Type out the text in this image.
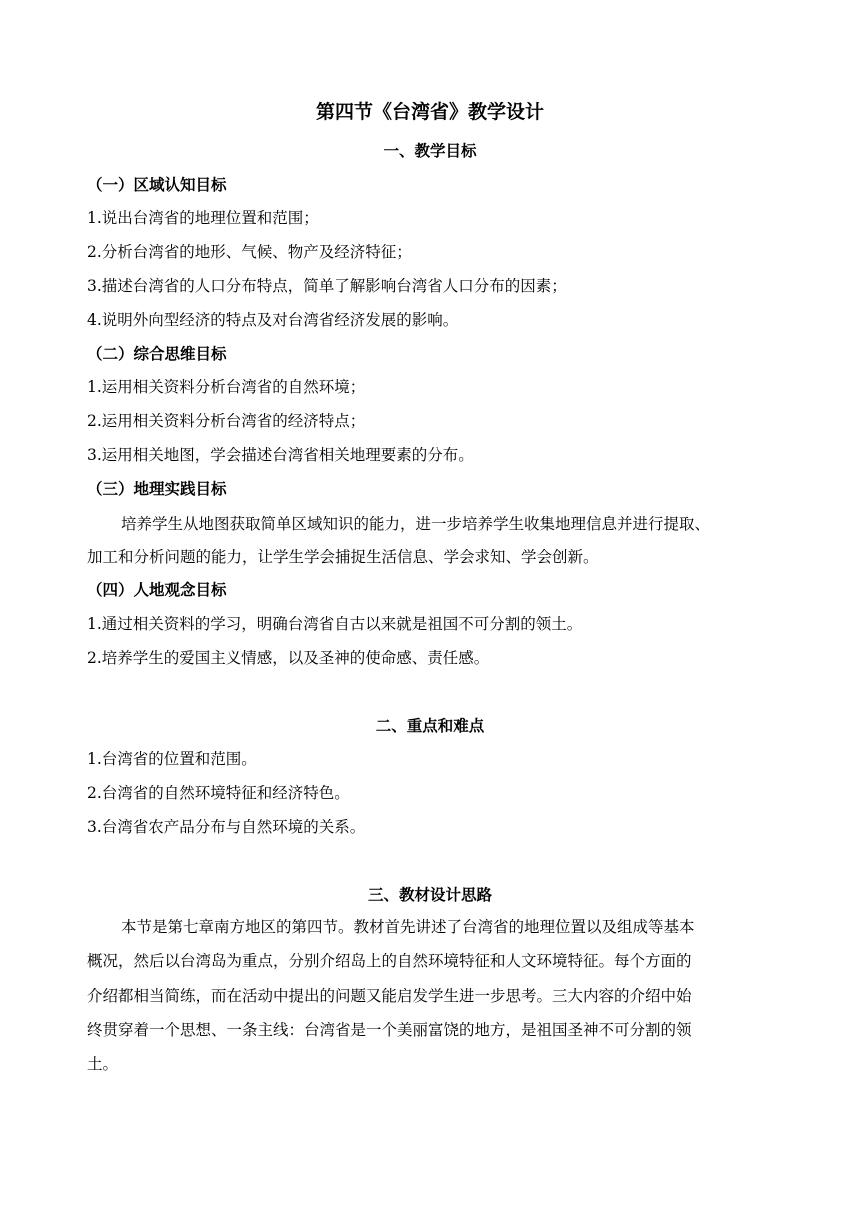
第四节《台湾省》教学设计
一、教学目标
（一）区域认知目标
1.说出台湾省的地理位置和范围；
2.分析台湾省的地形、气候、物产及经济特征；
3.描述台湾省的人口分布特点，简单了解影响台湾省人口分布的因素；
4.说明外向型经济的特点及对台湾省经济发展的影响。
（二）综合思维目标
1.运用相关资料分析台湾省的自然环境；
2.运用相关资料分析台湾省的经济特点；
3.运用相关地图，学会描述台湾省相关地理要素的分布。
（三）地理实践目标
培养学生从地图获取简单区域知识的能力，进一步培养学生收集地理信息并进行提取、
加工和分析问题的能力，让学生学会捕捉生活信息、学会求知、学会创新。
（四）人地观念目标
1.通过相关资料的学习，明确台湾省自古以来就是祖国不可分割的领土。
2.培养学生的爱国主义情感，以及圣神的使命感、责任感。
二、重点和难点
1.台湾省的位置和范围。
2.台湾省的自然环境特征和经济特色。
3.台湾省农产品分布与自然环境的关系。
三、教材设计思路
本节是第七章南方地区的第四节。教材首先讲述了台湾省的地理位置以及组成等基本
概况，然后以台湾岛为重点，分别介绍岛上的自然环境特征和人文环境特征。每个方面的
介绍都相当简练，而在活动中提出的问题又能启发学生进一步思考。三大内容的介绍中始
终贯穿着一个思想、一条主线：台湾省是一个美丽富饶的地方，是祖国圣神不可分割的领
土。
